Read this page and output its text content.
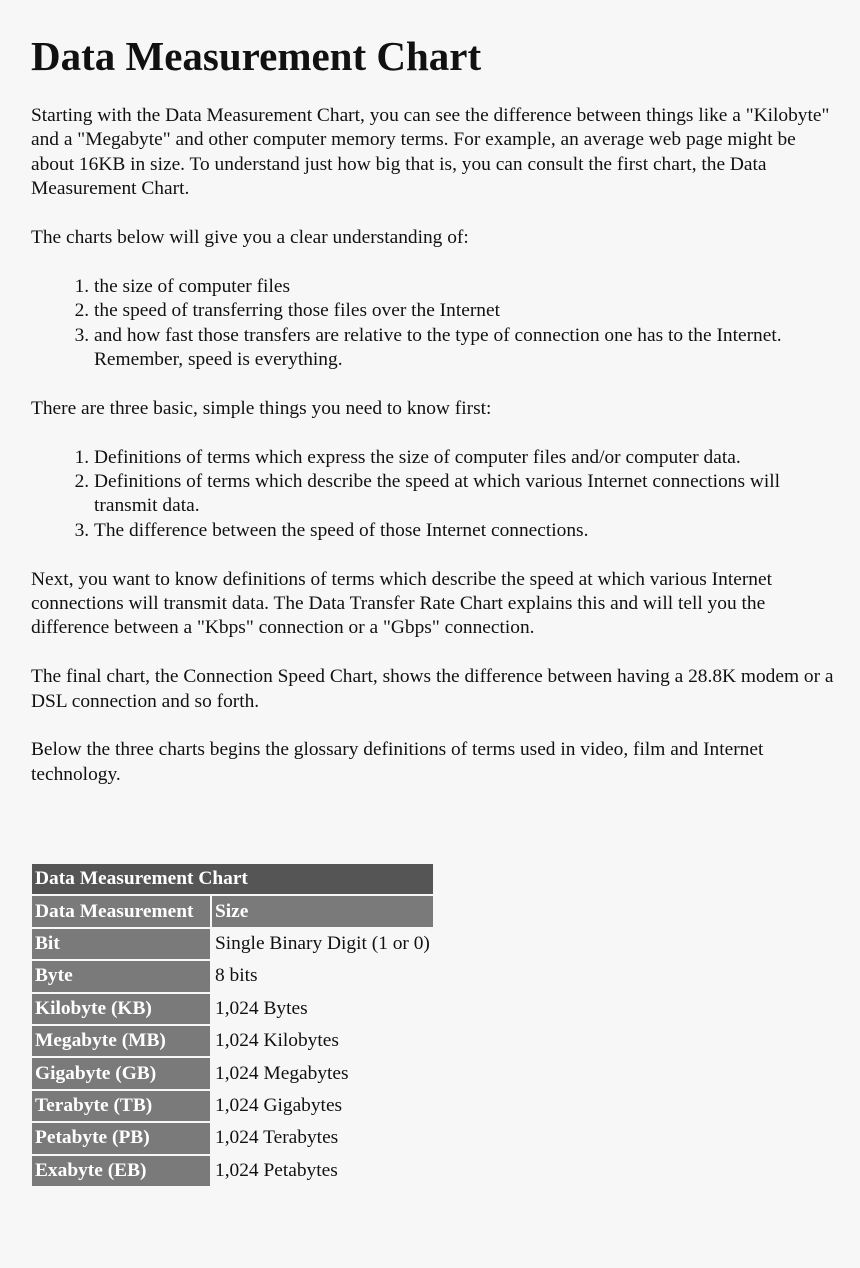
Data Measurement Chart

Starting with the Data Measurement Chart, you can see the difference between things like a "Kilobyte" and a "Megabyte" and other computer memory terms. For example, an average web page might be about 16KB in size. To understand just how big that is, you can consult the first chart, the Data Measurement Chart.

The charts below will give you a clear understanding of:

1. the size of computer files
2. the speed of transferring those files over the Internet
3. and how fast those transfers are relative to the type of connection one has to the Internet. Remember, speed is everything.

There are three basic, simple things you need to know first:

1. Definitions of terms which express the size of computer files and/or computer data.
2. Definitions of terms which describe the speed at which various Internet connections will transmit data.
3. The difference between the speed of those Internet connections.

Next, you want to know definitions of terms which describe the speed at which various Internet connections will transmit data. The Data Transfer Rate Chart explains this and will tell you the difference between a "Kbps" connection or a "Gbps" connection.

The final chart, the Connection Speed Chart, shows the difference between having a 28.8K modem or a DSL connection and so forth.

Below the three charts begins the glossary definitions of terms used in video, film and Internet technology.

Data Measurement Chart	
Data Measurement	Size
Bit	Single Binary Digit (1 or 0)
Byte	8 bits
Kilobyte (KB)	1,024 Bytes
Megabyte (MB)	1,024 Kilobytes
Gigabyte (GB)	1,024 Megabytes
Terabyte (TB)	1,024 Gigabytes
Petabyte (PB)	1,024 Terabytes
Exabyte (EB)	1,024 Petabytes
